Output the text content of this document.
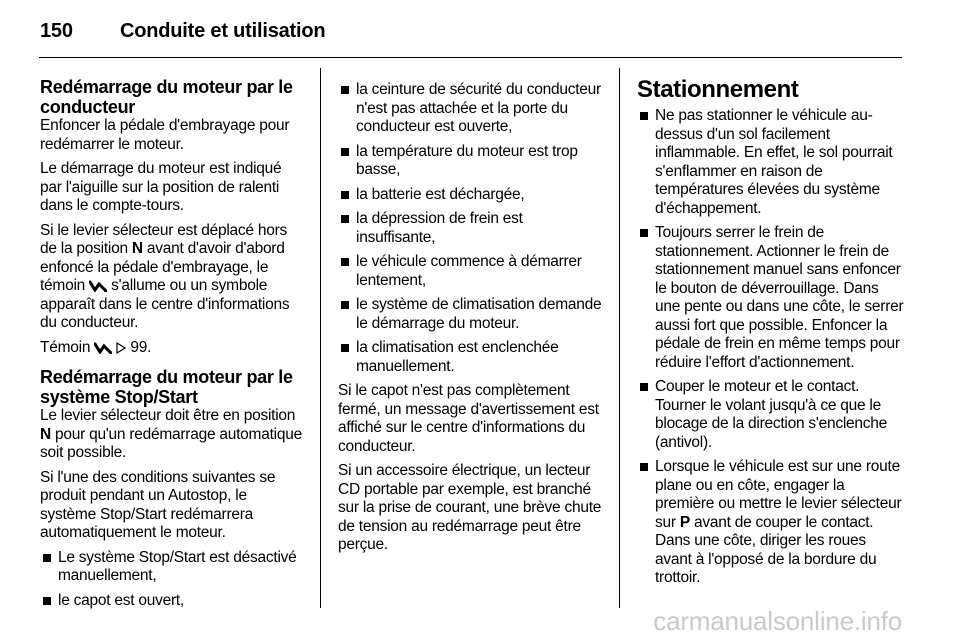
150 Conduite et utilisation
Redémarrage du moteur par le conducteur

Enfoncer la pédale d'embrayage pour redémarrer le moteur.

Le démarrage du moteur est indiqué par l'aiguille sur la position de ralenti dans le compte-tours.

Si le levier sélecteur est déplacé hors de la position N avant d'avoir d'abord enfoncé la pédale d'embrayage, le témoin  s'allume ou un symbole apparaît dans le centre d'informations du conducteur.

Témoin   99.

Redémarrage du moteur par le système Stop/Start

Le levier sélecteur doit être en position N pour qu'un redémarrage automatique soit possible.

Si l'une des conditions suivantes se produit pendant un Autostop, le système Stop/Start redémarrera automatiquement le moteur.

Le système Stop/Start est désactivé manuellement,
le capot est ouvert,
la ceinture de sécurité du conducteur n'est pas attachée et la porte du conducteur est ouverte,
la température du moteur est trop basse,
la batterie est déchargée,
la dépression de frein est insuffisante,
le véhicule commence à démarrer lentement,
le système de climatisation demande le démarrage du moteur.
la climatisation est enclenchée manuellement.

Si le capot n'est pas complètement fermé, un message d'avertissement est affiché sur le centre d'informations du conducteur.

Si un accessoire électrique, un lecteur CD portable par exemple, est branché sur la prise de courant, une brève chute de tension au redémarrage peut être perçue.

Stationnement
Ne pas stationner le véhicule au-dessus d'un sol facilement inflammable. En effet, le sol pourrait s'enflammer en raison de températures élevées du système d'échappement.
Toujours serrer le frein de stationnement. Actionner le frein de stationnement manuel sans enfoncer le bouton de déverrouillage. Dans une pente ou dans une côte, le serrer aussi fort que possible. Enfoncer la pédale de frein en même temps pour réduire l'effort d'actionnement.
Couper le moteur et le contact. Tourner le volant jusqu'à ce que le blocage de la direction s'enclenche (antivol).
Lorsque le véhicule est sur une route plane ou en côte, engager la première ou mettre le levier sélecteur sur P avant de couper le contact. Dans une côte, diriger les roues avant à l'opposé de la bordure du trottoir.
carmanualsonline.info
